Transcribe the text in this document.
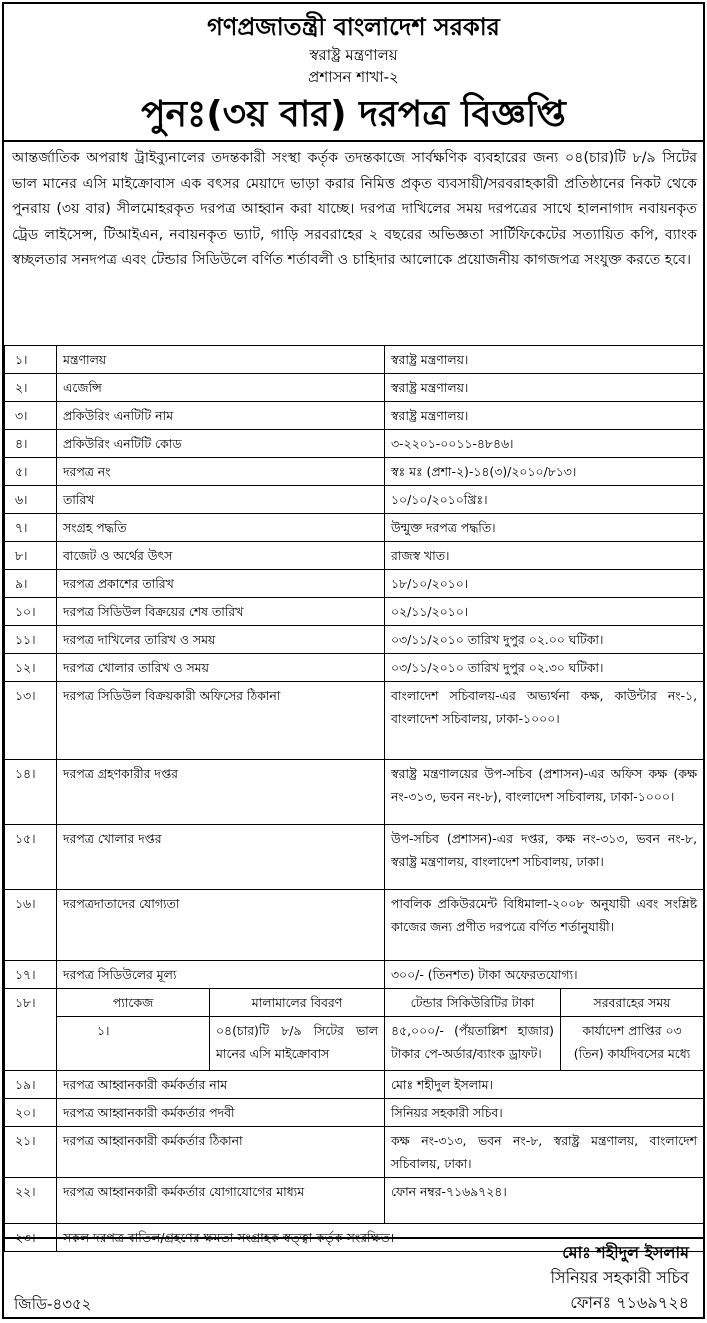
গণপ্রজাতন্ত্রী বাংলাদেশ সরকার
স্বরাষ্ট্র মন্ত্রণালয়
প্রশাসন শাখা-২
পুনঃ(৩য় বার) দরপত্র বিজ্ঞপ্তি
আন্তর্জাতিক অপরাধ ট্রাইব্যুনালের তদন্তকারী সংস্থা কর্তৃক তদন্তকাজে সার্বক্ষণিক ব্যবহারের জন্য ০৪(চার)টি ৮/৯ সিটের ভাল মানের এসি মাইক্রোবাস এক বৎসর মেয়াদে ভাড়া করার নিমিত্ত প্রকৃত ব্যবসায়ী/সরবরাহকারী প্রতিষ্ঠানের নিকট থেকে পুনরায় (৩য় বার) সীলমোহরকৃত দরপত্র আহ্বান করা যাচ্ছে। দরপত্র দাখিলের সময় দরপত্রের সাথে হালনাগাদ নবায়নকৃত ট্রেড লাইসেন্স, টিআইএন, নবায়নকৃত ভ্যাট, গাড়ি সরবরাহের ২ বছরের অভিজ্ঞতা সার্টিফিকেটের সত্যায়িত কপি, ব্যাংক স্বচ্ছলতার সনদপত্র এবং টেন্ডার সিডিউলে বর্ণিত শর্তাবলী ও চাহিদার আলোকে প্রয়োজনীয় কাগজপত্র সংযুক্ত করতে হবে।
১।	মন্ত্রণালয়		স্বরাষ্ট্র মন্ত্রণালয়।	
২।	এজেন্সি		স্বরাষ্ট্র মন্ত্রণালয়।	
৩।	প্রকিউরিং এনটিটি নাম		স্বরাষ্ট্র মন্ত্রণালয়।	
৪।	প্রকিউরিং এনটিটি কোড		৩-২২০১-০০১১-৪৮৪৬।	
৫।	দরপত্র নং		স্বঃ মঃ (প্রশা-২)-১৪(৩)/২০১০/৮১৩।	
৬।	তারিখ		১০/১০/২০১০খ্রিঃ।	
৭।	সংগ্রহ পদ্ধতি		উন্মুক্ত দরপত্র পদ্ধতি।	
৮।	বাজেট ও অর্থের উৎস		রাজস্ব খাত।	
৯।	দরপত্র প্রকাশের তারিখ		১৮/১০/২০১০।	
১০।	দরপত্র সিডিউল বিক্রয়ের শেষ তারিখ		০২/১১/২০১০।	
১১।	দরপত্র দাখিলের তারিখ ও সময়		০৩/১১/২০১০ তারিখ দুপুর ০২.০০ ঘটিকা।	
১২।	দরপত্র খোলার তারিখ ও সময়		০৩/১১/২০১০ তারিখ দুপুর ০২.৩০ ঘটিকা।	
১৩।	দরপত্র সিডিউল বিক্রয়কারী অফিসের ঠিকানা		বাংলাদেশ সচিবালয়-এর অভ্যর্থনা কক্ষ, কাউন্টার নং-১, বাংলাদেশ সচিবালয়, ঢাকা-১০০০।	
১৪।	দরপত্র গ্রহণকারীর দপ্তর		স্বরাষ্ট্র মন্ত্রণালয়ের উপ-সচিব (প্রশাসন)-এর অফিস কক্ষ (কক্ষ নং-৩১৩, ভবন নং-৮), বাংলাদেশ সচিবালয়, ঢাকা-১০০০।	
১৫।	দরপত্র খোলার দপ্তর		উপ-সচিব (প্রশাসন)-এর দপ্তর, কক্ষ নং-৩১৩, ভবন নং-৮, স্বরাষ্ট্র মন্ত্রণালয়, বাংলাদেশ সচিবালয়, ঢাকা।	
১৬।	দরপত্রদাতাদের যোগ্যতা		পাবলিক প্রকিউরমেন্ট বিধিমালা-২০০৮ অনুযায়ী এবং সংশ্লিষ্ট কাজের জন্য প্রণীত দরপত্রে বর্ণিত শর্তানুযায়ী।	
১৭।	দরপত্র সিডিউলের মূল্য		৩০০/- (তিনশত) টাকা অফেরতযোগ্য।	
১৮।	প্যাকেজ	মালামালের বিবরণ	টেন্ডার সিকিউরিটির টাকা	সরবরাহের সময়
	১।	০৪(চার)টি ৮/৯ সিটের ভাল মানের এসি মাইক্রোবাস	৪৫,০০০/- (পঁয়তাল্লিশ হাজার) টাকার পে-অর্ডার/ব্যাংক ড্রাফট।	কার্যাদেশ প্রাপ্তির ০৩ (তিন) কার্যদিবসের মধ্যে
১৯।	দরপত্র আহ্বানকারী কর্মকর্তার নাম		মোঃ শহীদুল ইসলাম।	
২০।	দরপত্র আহ্বানকারী কর্মকর্তার পদবী		সিনিয়র সহকারী সচিব।	
২১।	দরপত্র আহ্বানকারী কর্মকর্তার ঠিকানা		কক্ষ নং-৩১৩, ভবন নং-৮, স্বরাষ্ট্র মন্ত্রণালয়, বাংলাদেশ সচিবালয়, ঢাকা।	
২২।	দরপত্র আহ্বানকারী কর্মকর্তার যোগাযোগের মাধ্যম		ফোন নম্বর-৭১৬৯৭২৪।	
২৩।	সকল দরপত্র বাতিল/গ্রহণের ক্ষমতা সংগ্রাহক স্বত্ত্বা কর্তৃক সংরক্ষিত।			
মোঃ শহীদুল ইসলাম
সিনিয়র সহকারী সচিব
ফোনঃ ৭১৬৯৭২৪
জিডি-৪৩৫২
